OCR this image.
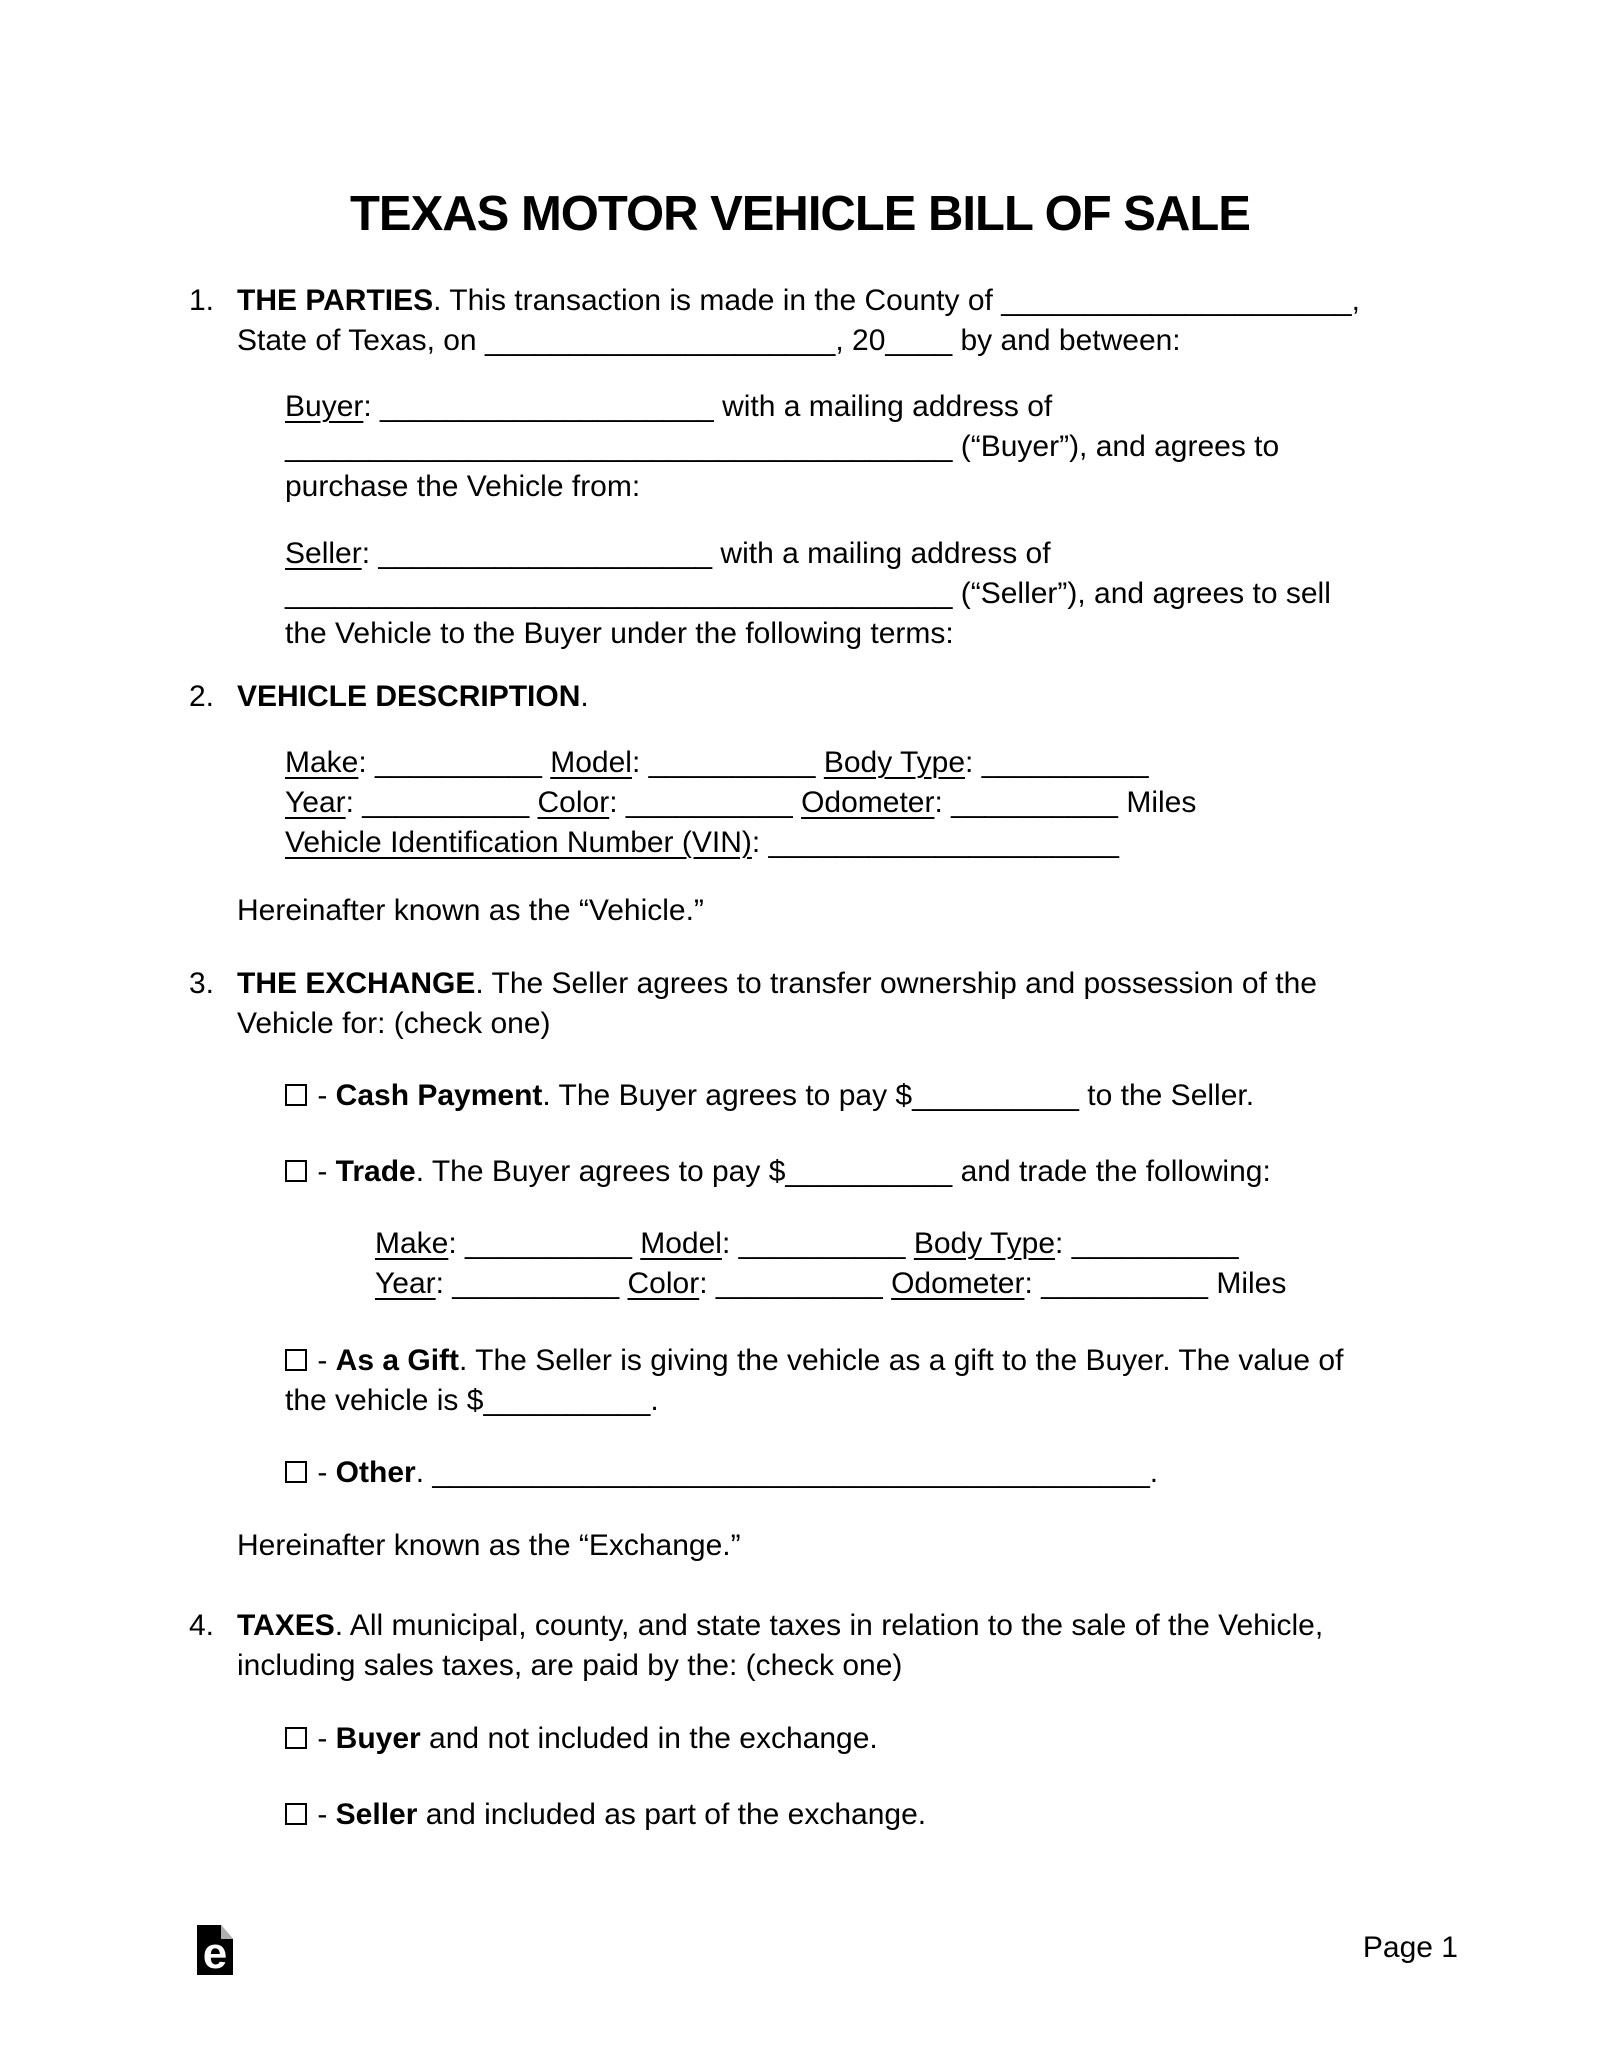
TEXAS MOTOR VEHICLE BILL OF SALE
1. THE PARTIES. This transaction is made in the County of _____________________,
State of Texas, on _____________________, 20____ by and between:
Buyer: ____________________ with a mailing address of
________________________________________ (“Buyer”), and agrees to
purchase the Vehicle from:
Seller: ____________________ with a mailing address of
________________________________________ (“Seller”), and agrees to sell
the Vehicle to the Buyer under the following terms:
2. VEHICLE DESCRIPTION.
Make: __________ Model: __________ Body Type: __________
Year: __________ Color: __________ Odometer: __________ Miles
Vehicle Identification Number (VIN): _____________________
Hereinafter known as the “Vehicle.”
3. THE EXCHANGE. The Seller agrees to transfer ownership and possession of the
Vehicle for: (check one)
- Cash Payment. The Buyer agrees to pay $__________ to the Seller.
- Trade. The Buyer agrees to pay $__________ and trade the following:
Make: __________ Model: __________ Body Type: __________
Year: __________ Color: __________ Odometer: __________ Miles
- As a Gift. The Seller is giving the vehicle as a gift to the Buyer. The value of
the vehicle is $__________.
- Other. ___________________________________________.
Hereinafter known as the “Exchange.”
4. TAXES. All municipal, county, and state taxes in relation to the sale of the Vehicle,
including sales taxes, are paid by the: (check one)
- Buyer and not included in the exchange.
- Seller and included as part of the exchange.
e	Page 1
